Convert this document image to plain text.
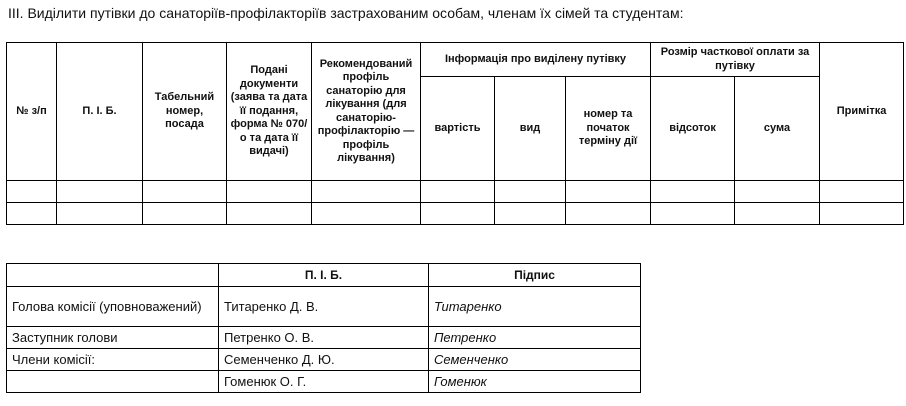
III. Виділити путівки до санаторіїв-профілакторіїв застрахованим особам, членам їх сімей та студентам:
№ з/п	П. І. Б.	Табельний номер, посада	Подані документи (заява та дата її подання, форма № 070/о та дата її видачі)	Рекомендований профіль санаторію для лікування (для санаторію-профілакторію — профіль лікування)	Інформація про виділену путівку			Розмір часткової оплати за путівку		Примітка
					вартість	вид	номер та початок терміну дії	відсоток	сума	

	П. І. Б.	Підпис
Голова комісії (уповноважений)	Титаренко Д. В.	Титаренко
Заступник голови	Петренко О. В.	Петренко
Члени комісії:	Семенченко Д. Ю.	Семенченко
	Гоменюк О. Г.	Гоменюк
